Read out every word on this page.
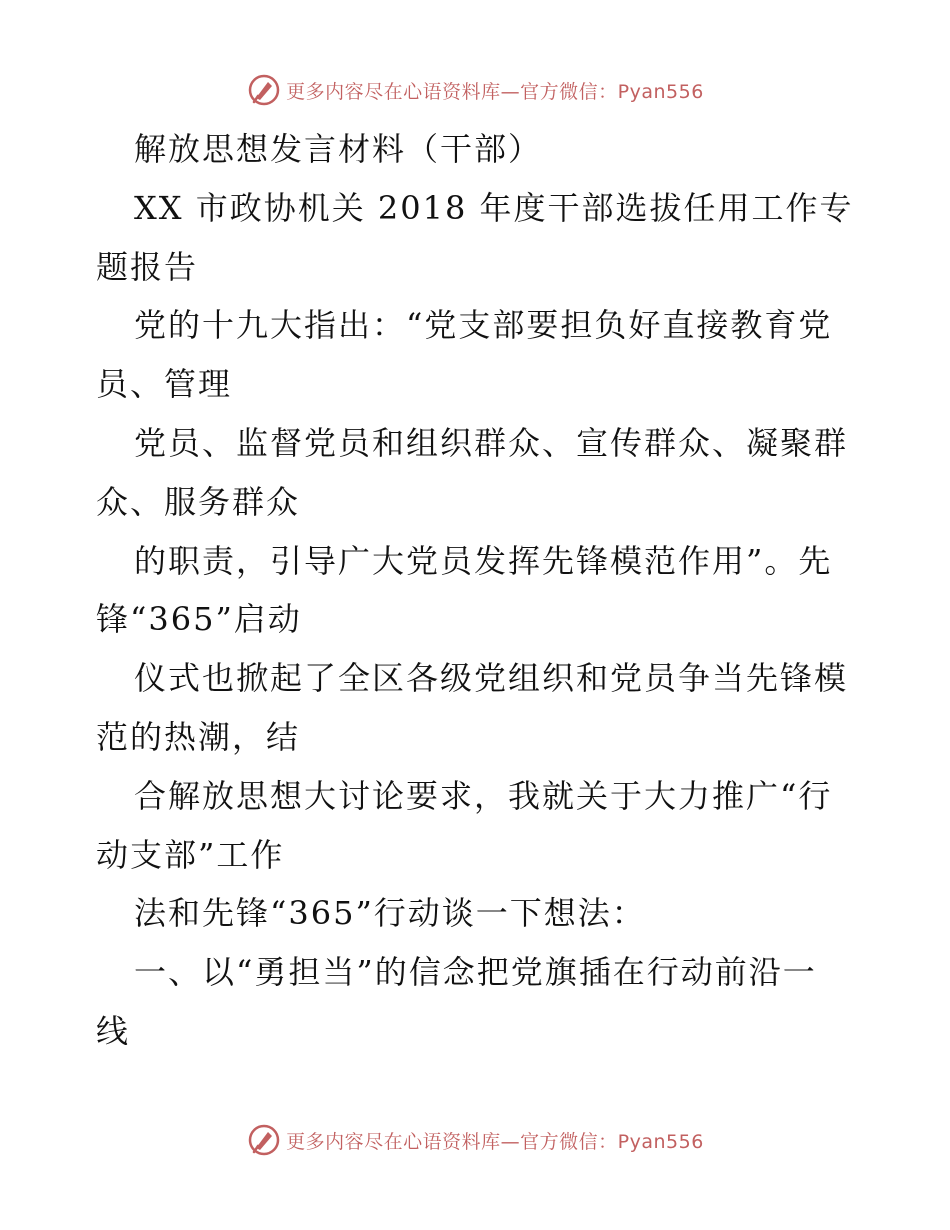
更多内容尽在心语资料库—官方微信：Pyan556
解放思想发言材料（干部）
XX 市政协机关 2018 年度干部选拔任用工作专
题报告
党的十九大指出：“党支部要担负好直接教育党
员、管理
党员、监督党员和组织群众、宣传群众、凝聚群
众、服务群众
的职责，引导广大党员发挥先锋模范作用”。先
锋“365”启动
仪式也掀起了全区各级党组织和党员争当先锋模
范的热潮，结
合解放思想大讨论要求，我就关于大力推广“行
动支部”工作
法和先锋“365”行动谈一下想法：
一、以“勇担当”的信念把党旗插在行动前沿一
线
更多内容尽在心语资料库—官方微信：Pyan556
